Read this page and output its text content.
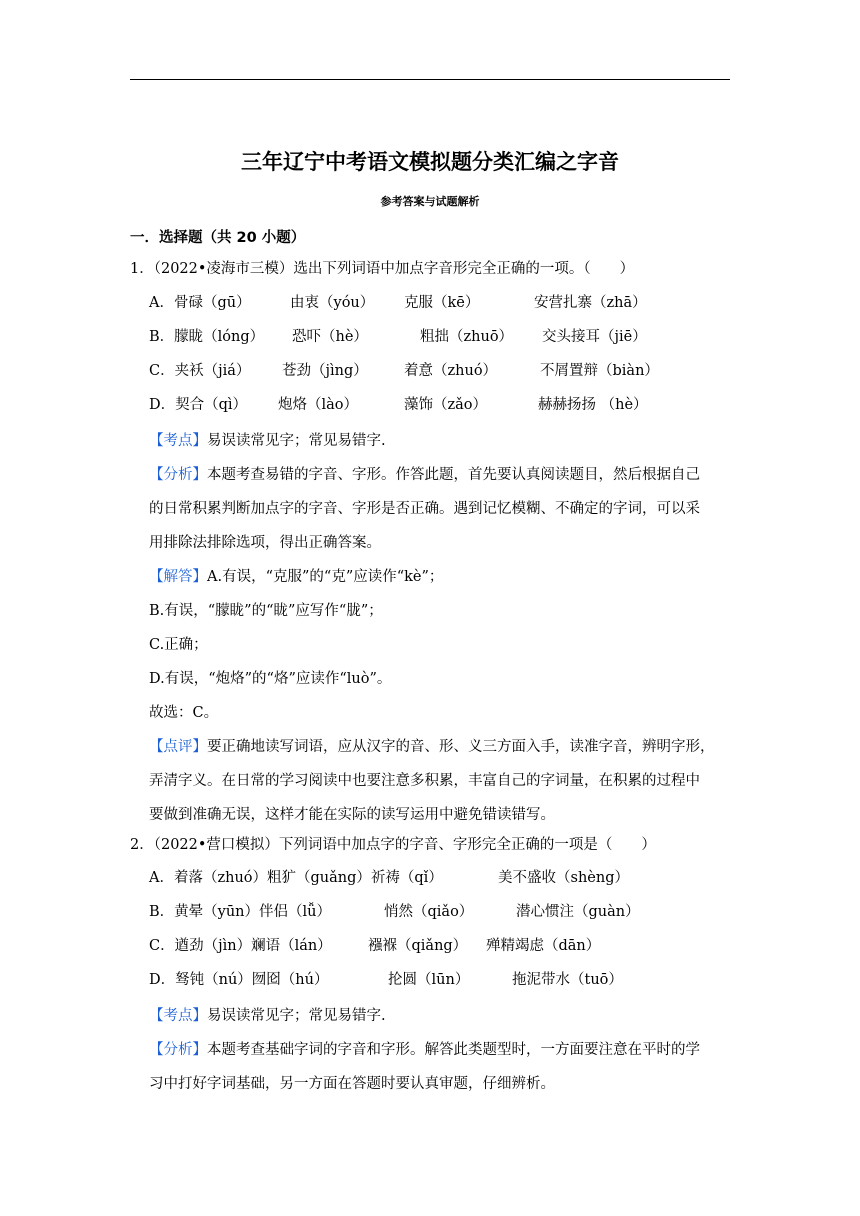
三年辽宁中考语文模拟题分类汇编之字音
参考答案与试题解析
一．选择题（共 20 小题）
1．（2022•凌海市三模）选出下列词语中加点字音形完全正确的一项。（　　）
A．骨碌（gū）	由衷（yóu） 克服（kē）	安营扎寨（zhā）
B．朦眬（lóng） 恐吓（hè）	粗拙（zhuō） 交头接耳（jiē）
C．夹袄（jiá） 苍劲（jìng） 着意（zhuó）	不屑置辩（biàn）
D．契合（qì） 炮烙（lào）	藻饰（zǎo）	赫赫扬扬 （hè）
【考点】易误读常见字；常见易错字.
【分析】本题考查易错的字音、字形。作答此题，首先要认真阅读题目，然后根据自己
的日常积累判断加点字的字音、字形是否正确。遇到记忆模糊、不确定的字词，可以采
用排除法排除选项，得出正确答案。
【解答】A.有误，“克服”的“克”应读作“kè”；
B.有误，“朦眬”的“眬”应写作“胧”；
C.正确；
D.有误，“炮烙”的“烙”应读作“luò”。
故选：C。
【点评】要正确地读写词语，应从汉字的音、形、义三方面入手，读准字音，辨明字形，
弄清字义。在日常的学习阅读中也要注意多积累，丰富自己的字词量，在积累的过程中
要做到准确无误，这样才能在实际的读写运用中避免错读错写。
2．（2022•营口模拟）下列词语中加点字的字音、字形完全正确的一项是（　　）
A．着落（zhuó）粗犷（guǎng）祈祷（qǐ）	美不盛收（shèng）
B．黄晕（yūn）伴侣（lǚ）	悄然（qiǎo）	潜心惯注（guàn）
C．遒劲（jìn）斓语（lán）	襁褓（qiǎng） 殚精竭虑（dān）
D．驽钝（nú）囫囵（hú）	抡圆（lūn）	拖泥带水（tuō）
【考点】易误读常见字；常见易错字.
【分析】本题考查基础字词的字音和字形。解答此类题型时，一方面要注意在平时的学
习中打好字词基础，另一方面在答题时要认真审题，仔细辨析。
